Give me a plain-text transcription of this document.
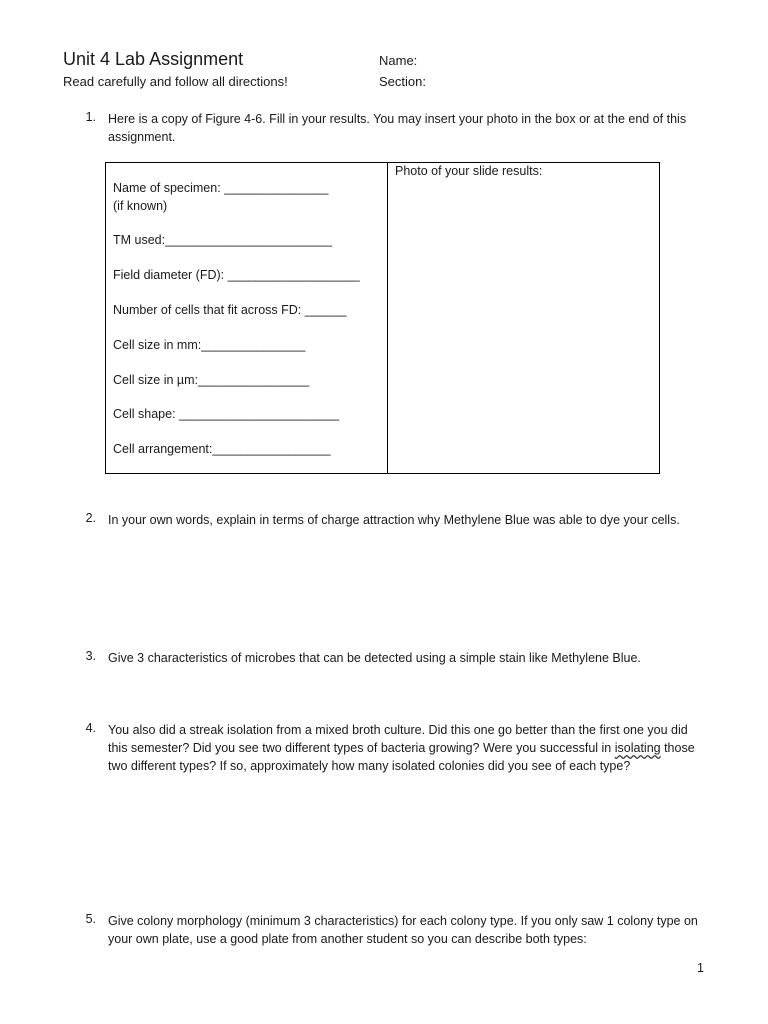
Unit 4 Lab Assignment
Read carefully and follow all directions!
Name:
Section:
1. Here is a copy of Figure 4-6. Fill in your results. You may insert your photo in the box or at the end of this assignment.
Name of specimen: _______________
(if known)
TM used:________________________
Field diameter (FD): ___________________
Number of cells that fit across FD: ______
Cell size in mm:_______________
Cell size in µm:________________
Cell shape: _______________________
Cell arrangement:_________________
Photo of your slide results:
2. In your own words, explain in terms of charge attraction why Methylene Blue was able to dye your cells.
3. Give 3 characteristics of microbes that can be detected using a simple stain like Methylene Blue.
4. You also did a streak isolation from a mixed broth culture. Did this one go better than the first one you did this semester? Did you see two different types of bacteria growing? Were you successful in isolating those two different types? If so, approximately how many isolated colonies did you see of each type?
5. Give colony morphology (minimum 3 characteristics) for each colony type. If you only saw 1 colony type on your own plate, use a good plate from another student so you can describe both types:
1
